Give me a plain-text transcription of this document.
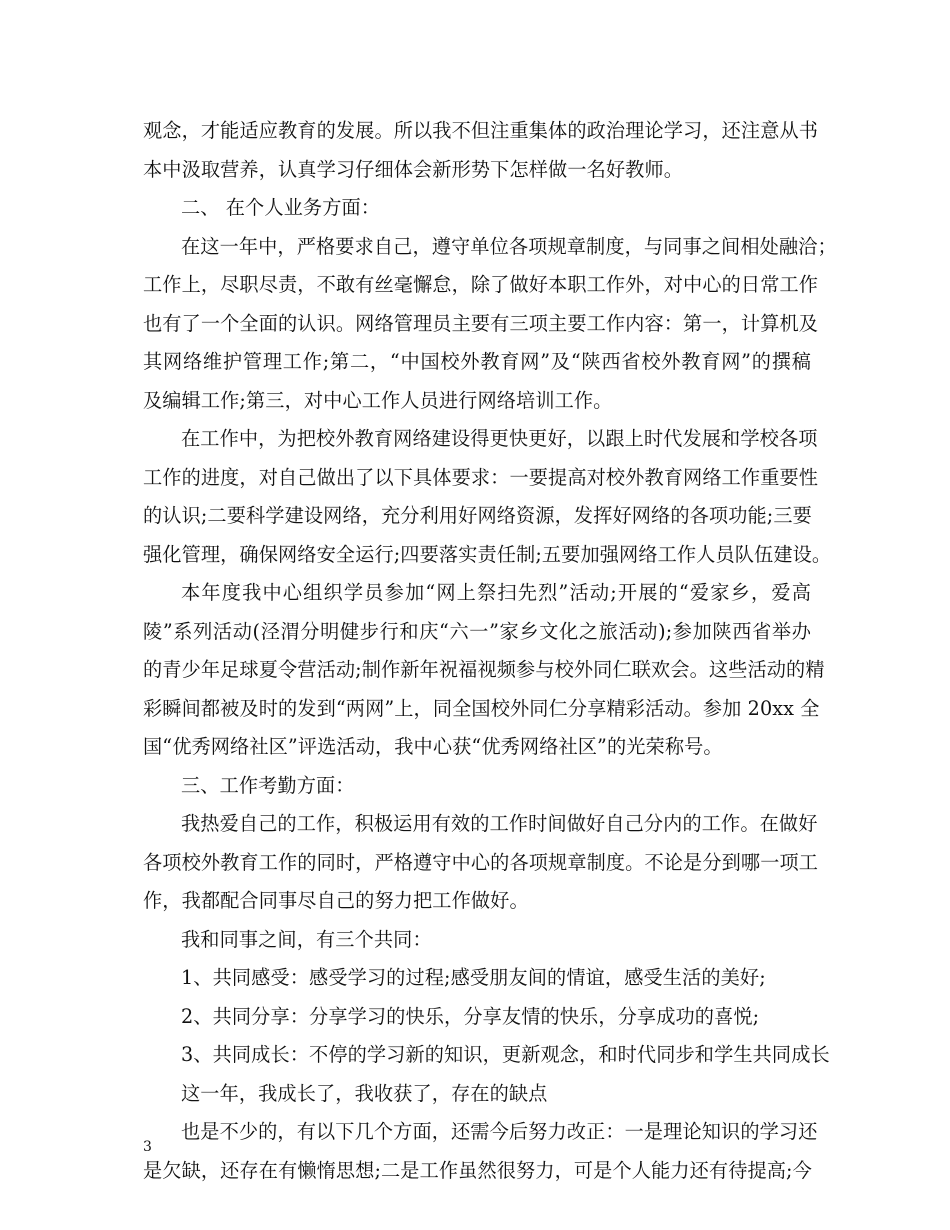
观念，才能适应教育的发展。所以我不但注重集体的政治理论学习，还注意从书
本中汲取营养，认真学习仔细体会新形势下怎样做一名好教师。
二、 在个人业务方面：
在这一年中，严格要求自己，遵守单位各项规章制度，与同事之间相处融洽；
工作上，尽职尽责，不敢有丝毫懈怠，除了做好本职工作外，对中心的日常工作
也有了一个全面的认识。网络管理员主要有三项主要工作内容：第一，计算机及
其网络维护管理工作;第二，“中国校外教育网”及“陕西省校外教育网”的撰稿
及编辑工作;第三，对中心工作人员进行网络培训工作。
在工作中，为把校外教育网络建设得更快更好，以跟上时代发展和学校各项
工作的进度，对自己做出了以下具体要求：一要提高对校外教育网络工作重要性
的认识;二要科学建设网络，充分利用好网络资源，发挥好网络的各项功能;三要
强化管理，确保网络安全运行;四要落实责任制;五要加强网络工作人员队伍建设。
本年度我中心组织学员参加“网上祭扫先烈”活动;开展的“爱家乡，爱高
陵”系列活动(泾渭分明健步行和庆“六一”家乡文化之旅活动);参加陕西省举办
的青少年足球夏令营活动;制作新年祝福视频参与校外同仁联欢会。这些活动的精
彩瞬间都被及时的发到“两网”上，同全国校外同仁分享精彩活动。参加 20xx 全
国“优秀网络社区”评选活动，我中心获“优秀网络社区”的光荣称号。
三、工作考勤方面：
我热爱自己的工作，积极运用有效的工作时间做好自己分内的工作。在做好
各项校外教育工作的同时，严格遵守中心的各项规章制度。不论是分到哪一项工
作，我都配合同事尽自己的努力把工作做好。
我和同事之间，有三个共同：
1、共同感受：感受学习的过程;感受朋友间的情谊，感受生活的美好;
2、共同分享：分享学习的快乐，分享友情的快乐，分享成功的喜悦;
3、共同成长：不停的学习新的知识，更新观念，和时代同步和学生共同成长
这一年，我成长了，我收获了，存在的缺点
也是不少的，有以下几个方面，还需今后努力改正：一是理论知识的学习还
是欠缺，还存在有懒惰思想;二是工作虽然很努力，可是个人能力还有待提高;今
3
